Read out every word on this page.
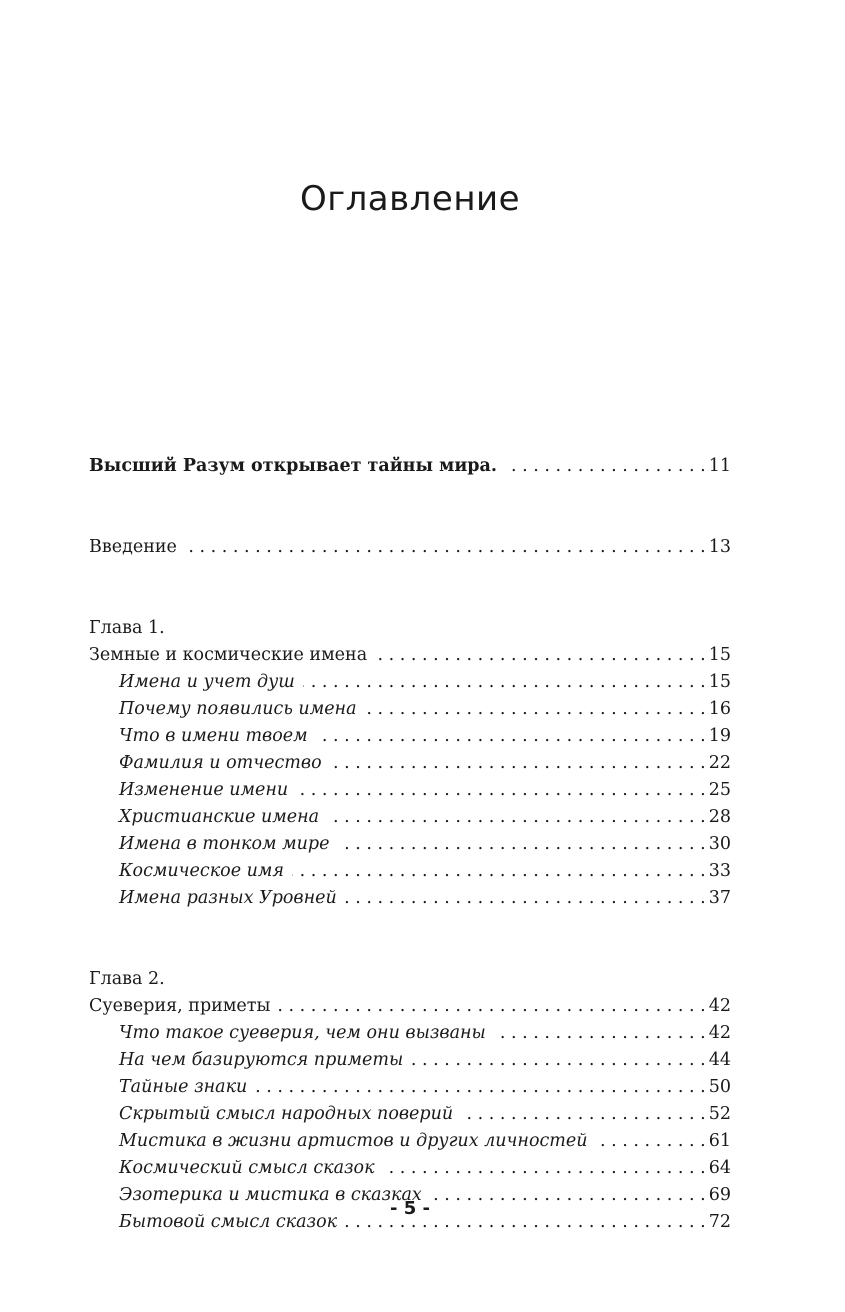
Оглавление
Высший Разум открывает тайны мира. . . .	11
Введение . . .	13
Глава 1.
Земные и космические имена . . .	15
Имена и учет душ . . .	15
Почему появились имена . . .	16
Что в имени твоем . . .	19
Фамилия и отчество . . .	22
Изменение имени . . .	25
Христианские имена . . .	28
Имена в тонком мире . . .	30
Космическое имя . . .	33
Имена разных Уровней . . .	37
Глава 2.
Суеверия, приметы . . .	42
Что такое суеверия, чем они вызваны . . .	42
На чем базируются приметы . . .	44
Тайные знаки . . .	50
Скрытый смысл народных поверий . . .	52
Мистика в жизни артистов и других личностей . . .	61
Космический смысл сказок . . .	64
Эзотерика и мистика в сказках . . .	69
Бытовой смысл сказок . . .	72
- 5 -
